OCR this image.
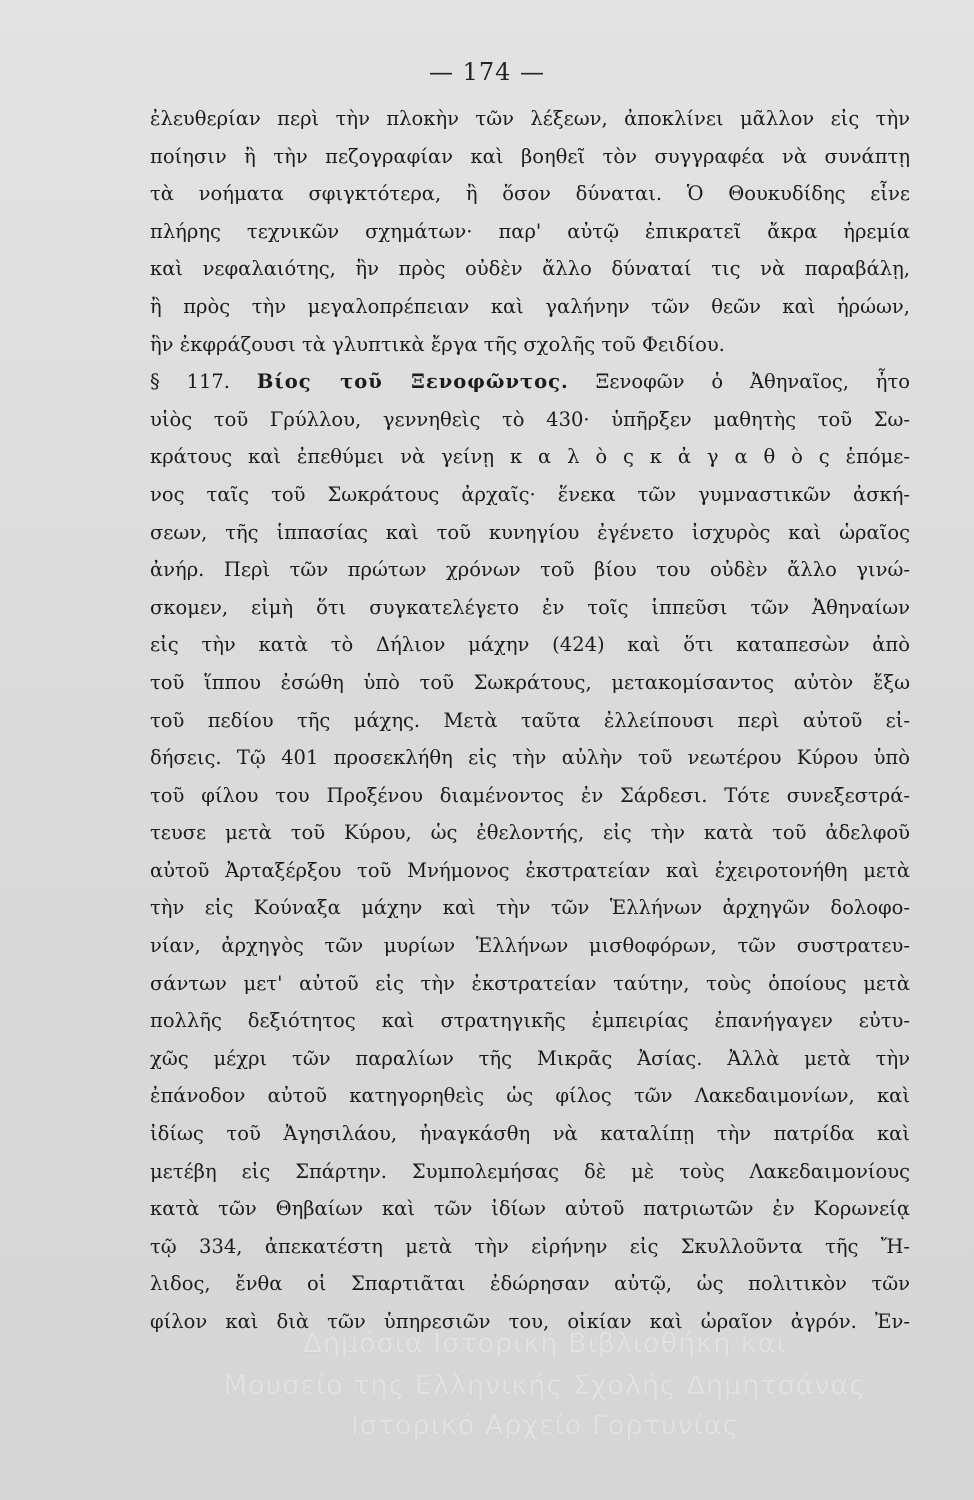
— 174 —
ἐλευθερίαν περὶ τὴν πλοκὴν τῶν λέξεων, ἀποκλίνει μᾶλλον εἰς τὴν
ποίησιν ἢ τὴν πεζογραφίαν καὶ βοηθεῖ τὸν συγγραφέα νὰ συνάπτῃ
τὰ νοήματα σφιγκτότερα, ἢ ὅσον δύναται. Ὁ Θουκυδίδης εἶνε
πλήρης τεχνικῶν σχημάτων· παρ' αὐτῷ ἐπικρατεῖ ἄκρα ἠρεμία
καὶ νεφαλαιότης, ἣν πρὸς οὐδὲν ἄλλο δύναταί τις νὰ παραβάλῃ,
ἢ πρὸς τὴν μεγαλοπρέπειαν καὶ γαλήνην τῶν θεῶν καὶ ἡρώων,
ἣν ἐκφράζουσι τὰ γλυπτικὰ ἔργα τῆς σχολῆς τοῦ Φειδίου.
§ 117. Βίος τοῦ Ξενοφῶντος. Ξενοφῶν ὁ Ἀθηναῖος, ἦτο
υἱὸς τοῦ Γρύλλου, γεννηθεὶς τὸ 430· ὑπῆρξεν μαθητὴς τοῦ Σω-
κράτους καὶ ἐπεθύμει νὰ γείνῃ κ α λ ὸ ς κ ἀ γ α θ ὸ ς ἑπόμε-
νος ταῖς τοῦ Σωκράτους ἀρχαῖς· ἕνεκα τῶν γυμναστικῶν ἀσκή-
σεων, τῆς ἱππασίας καὶ τοῦ κυνηγίου ἐγένετο ἰσχυρὸς καὶ ὡραῖος
ἀνήρ. Περὶ τῶν πρώτων χρόνων τοῦ βίου του οὐδὲν ἄλλο γινώ-
σκομεν, εἰμὴ ὅτι συγκατελέγετο ἐν τοῖς ἱππεῦσι τῶν Ἀθηναίων
εἰς τὴν κατὰ τὸ Δήλιον μάχην (424) καὶ ὅτι καταπεσὼν ἀπὸ
τοῦ ἵππου ἐσώθη ὑπὸ τοῦ Σωκράτους, μετακομίσαντος αὐτὸν ἔξω
τοῦ πεδίου τῆς μάχης. Μετὰ ταῦτα ἐλλείπουσι περὶ αὐτοῦ εἰ-
δήσεις. Τῷ 401 προσεκλήθη εἰς τὴν αὐλὴν τοῦ νεωτέρου Κύρου ὑπὸ
τοῦ φίλου του Προξένου διαμένοντος ἐν Σάρδεσι. Τότε συνεξεστρά-
τευσε μετὰ τοῦ Κύρου, ὡς ἐθελοντής, εἰς τὴν κατὰ τοῦ ἀδελφοῦ
αὐτοῦ Ἀρταξέρξου τοῦ Μνήμονος ἐκστρατείαν καὶ ἐχειροτονήθη μετὰ
τὴν εἰς Κούναξα μάχην καὶ τὴν τῶν Ἑλλήνων ἀρχηγῶν δολοφο-
νίαν, ἀρχηγὸς τῶν μυρίων Ἑλλήνων μισθοφόρων, τῶν συστρατευ-
σάντων μετ' αὐτοῦ εἰς τὴν ἐκστρατείαν ταύτην, τοὺς ὁποίους μετὰ
πολλῆς δεξιότητος καὶ στρατηγικῆς ἐμπειρίας ἐπανήγαγεν εὐτυ-
χῶς μέχρι τῶν παραλίων τῆς Μικρᾶς Ἀσίας. Ἀλλὰ μετὰ τὴν
ἐπάνοδον αὐτοῦ κατηγορηθεὶς ὡς φίλος τῶν Λακεδαιμονίων, καὶ
ἰδίως τοῦ Ἀγησιλάου, ἠναγκάσθη νὰ καταλίπῃ τὴν πατρίδα καὶ
μετέβη εἰς Σπάρτην. Συμπολεμήσας δὲ μὲ τοὺς Λακεδαιμονίους
κατὰ τῶν Θηβαίων καὶ τῶν ἰδίων αὐτοῦ πατριωτῶν ἐν Κορωνείᾳ
τῷ 334, ἀπεκατέστη μετὰ τὴν εἰρήνην εἰς Σκυλλοῦντα τῆς Ἤ-
λιδος, ἔνθα οἱ Σπαρτιᾶται ἐδώρησαν αὐτῷ, ὡς πολιτικὸν τῶν
φίλον καὶ διὰ τῶν ὑπηρεσιῶν του, οἰκίαν καὶ ὡραῖον ἀγρόν. Ἐν-
Δημόσια Ιστορική Βιβλιοθήκη και
Μουσείο της Ελληνικής Σχολής Δημητσάνας
Ιστορικό Αρχείο Γορτυνίας
